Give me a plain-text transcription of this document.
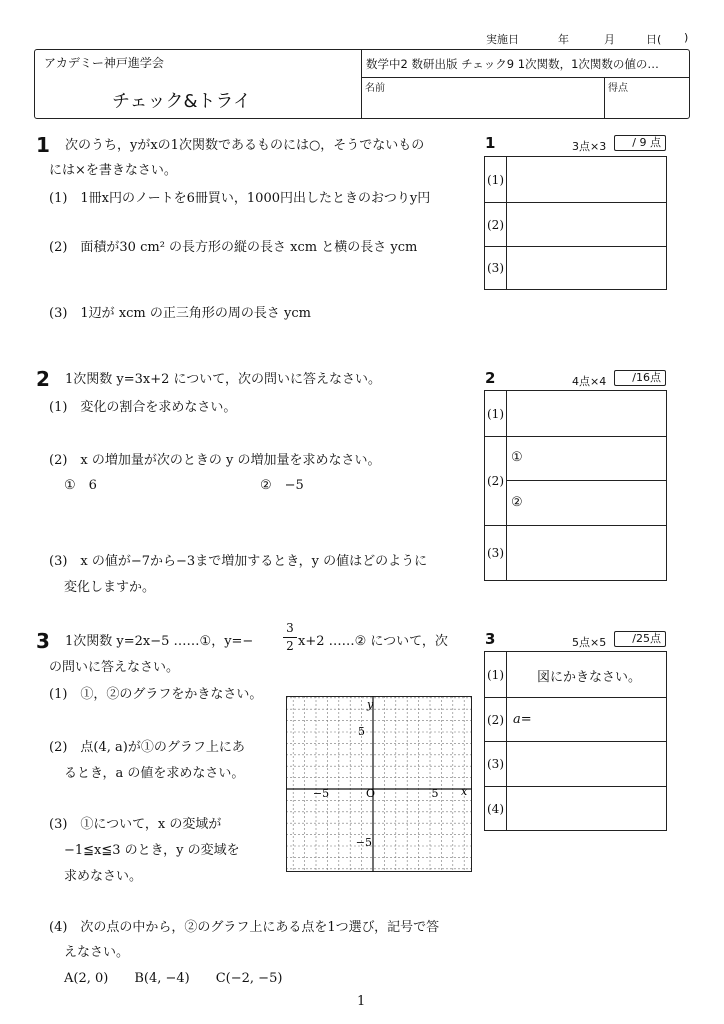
実施日	年	月	日( )
アカデミー神戸進学会
チェック&トライ
数学中2 数研出版 チェック9 1次関数，1次関数の値の…
名前	得点
1 次のうち，yがxの1次関数であるものには○，そうでないもの
には×を書きなさい。
(1)　1冊x円のノートを6冊買い，1000円出したときのおつりy円
(2)　面積が30 cm² の長方形の縦の長さ xcm と横の長さ ycm
(3)　1辺が xcm の正三角形の周の長さ ycm
1	3点×3	/ 9 点
(1)
(2)
(3)
2 1次関数 y=3x+2 について，次の問いに答えなさい。
(1)　変化の割合を求めなさい。
(2)　x の増加量が次のときの y の増加量を求めなさい。
①　6	②　−5
(3)　x の値が−7から−3まで増加するとき，y の値はどのように
変化しますか。
2	4点×4	/16点
(1)
(2)
①
②
(3)
3 1次関数 y=2x−5 ……①，y=−
3
2 x+2 ……② について，次
の問いに答えなさい。
(1)　①，②のグラフをかきなさい。
(2)　点(4, a)が①のグラフ上にあ
るとき，a の値を求めなさい。
(3)　①について，x の変域が
−1≦x≦3 のとき，y の変域を
求めなさい。
(4)　次の点の中から，②のグラフ上にある点を1つ選び，記号で答
えなさい。
A(2, 0)　　B(4, −4)　　C(−2, −5)
y
x
O
5
−5
5
−5
3	5点×5	/25点
(1)	図にかきなさい。
(2) a=
(3)
(4)
1
